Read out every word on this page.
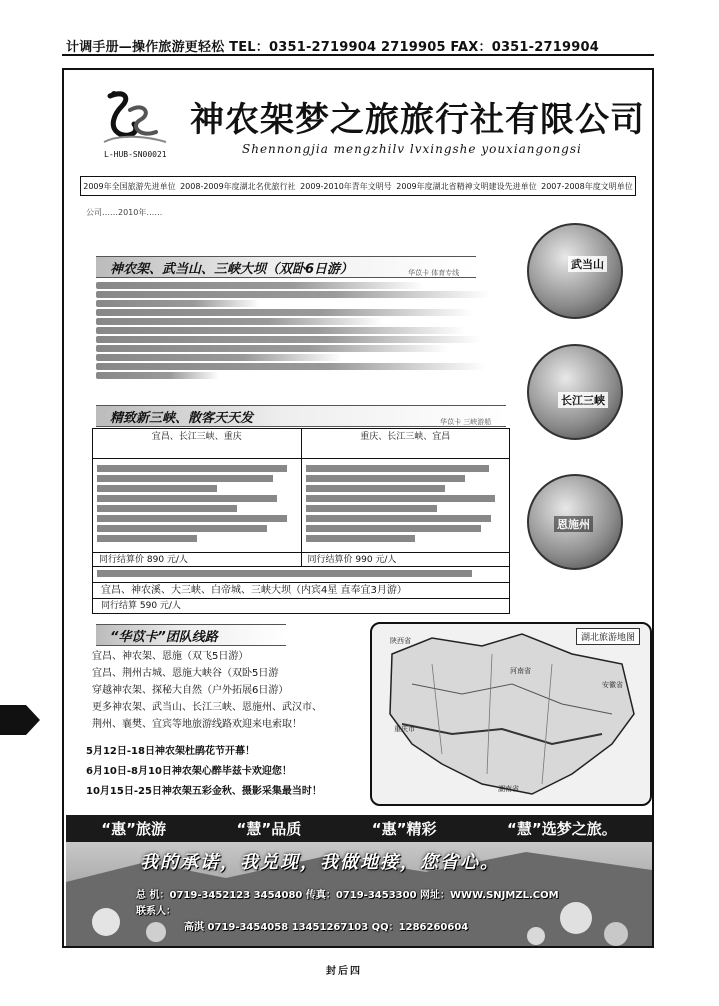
计调手册—操作旅游更轻松 TEL：0351-2719904 2719905 FAX：0351-2719904
L-HUB-SN00021
神农架梦之旅旅行社有限公司
Shennongjia mengzhilv lvxingshe youxiangongsi
2009年全国旅游先进单位 2008-2009年度湖北名优旅行社 2009-2010年青年文明号 2009年度湖北省精神文明建设先进单位 2007-2008年度文明单位
公司……2010年……
神农架、武当山、三峡大坝（双卧6日游）	华苡卡 体育专线
精致新三峡、散客天天发	华苡卡 三峡游船
宜昌、长江三峡、重庆	重庆、长江三峡、宜昌
同行结算价 890 元/人	同行结算价 990 元/人
宜昌、神农溪、大三峡、白帝城、三峡大坝（内宾4星 直奉宜3月游）
同行结算 590 元/人
“华苡卡”团队线路
宜昌、神农架、恩施（双飞5日游）
宜昌、荆州古城、恩施大峡谷（双卧5日游
穿越神农架、探秘大自然（户外拓展6日游）
更多神农架、武当山、长江三峡、恩施州、武汉市、
荆州、襄樊、宜宾等地旅游线路欢迎来电索取！
湖北旅游地图
陕西省
河南省
重庆市
安徽省
湖南省
5月12日-18日神农架杜鹃花节开幕！
6月10日-8月10日神农架心醉毕兹卡欢迎您！
10月15日-25日神农架五彩金秋、摄影采集最当时！
“惠”旅游	“慧”品质	“惠”精彩	“慧”选梦之旅。
总 机：0719-3452123 3454080 传真：0719-3453300 网址：WWW.SNJMZL.COM
联系人：
高淇 0719-3454058 13451267103 QQ：1286260604
我的承诺，我兑现，我做地接，您省心。
武当山
长江三峡
恩施州
封后四
